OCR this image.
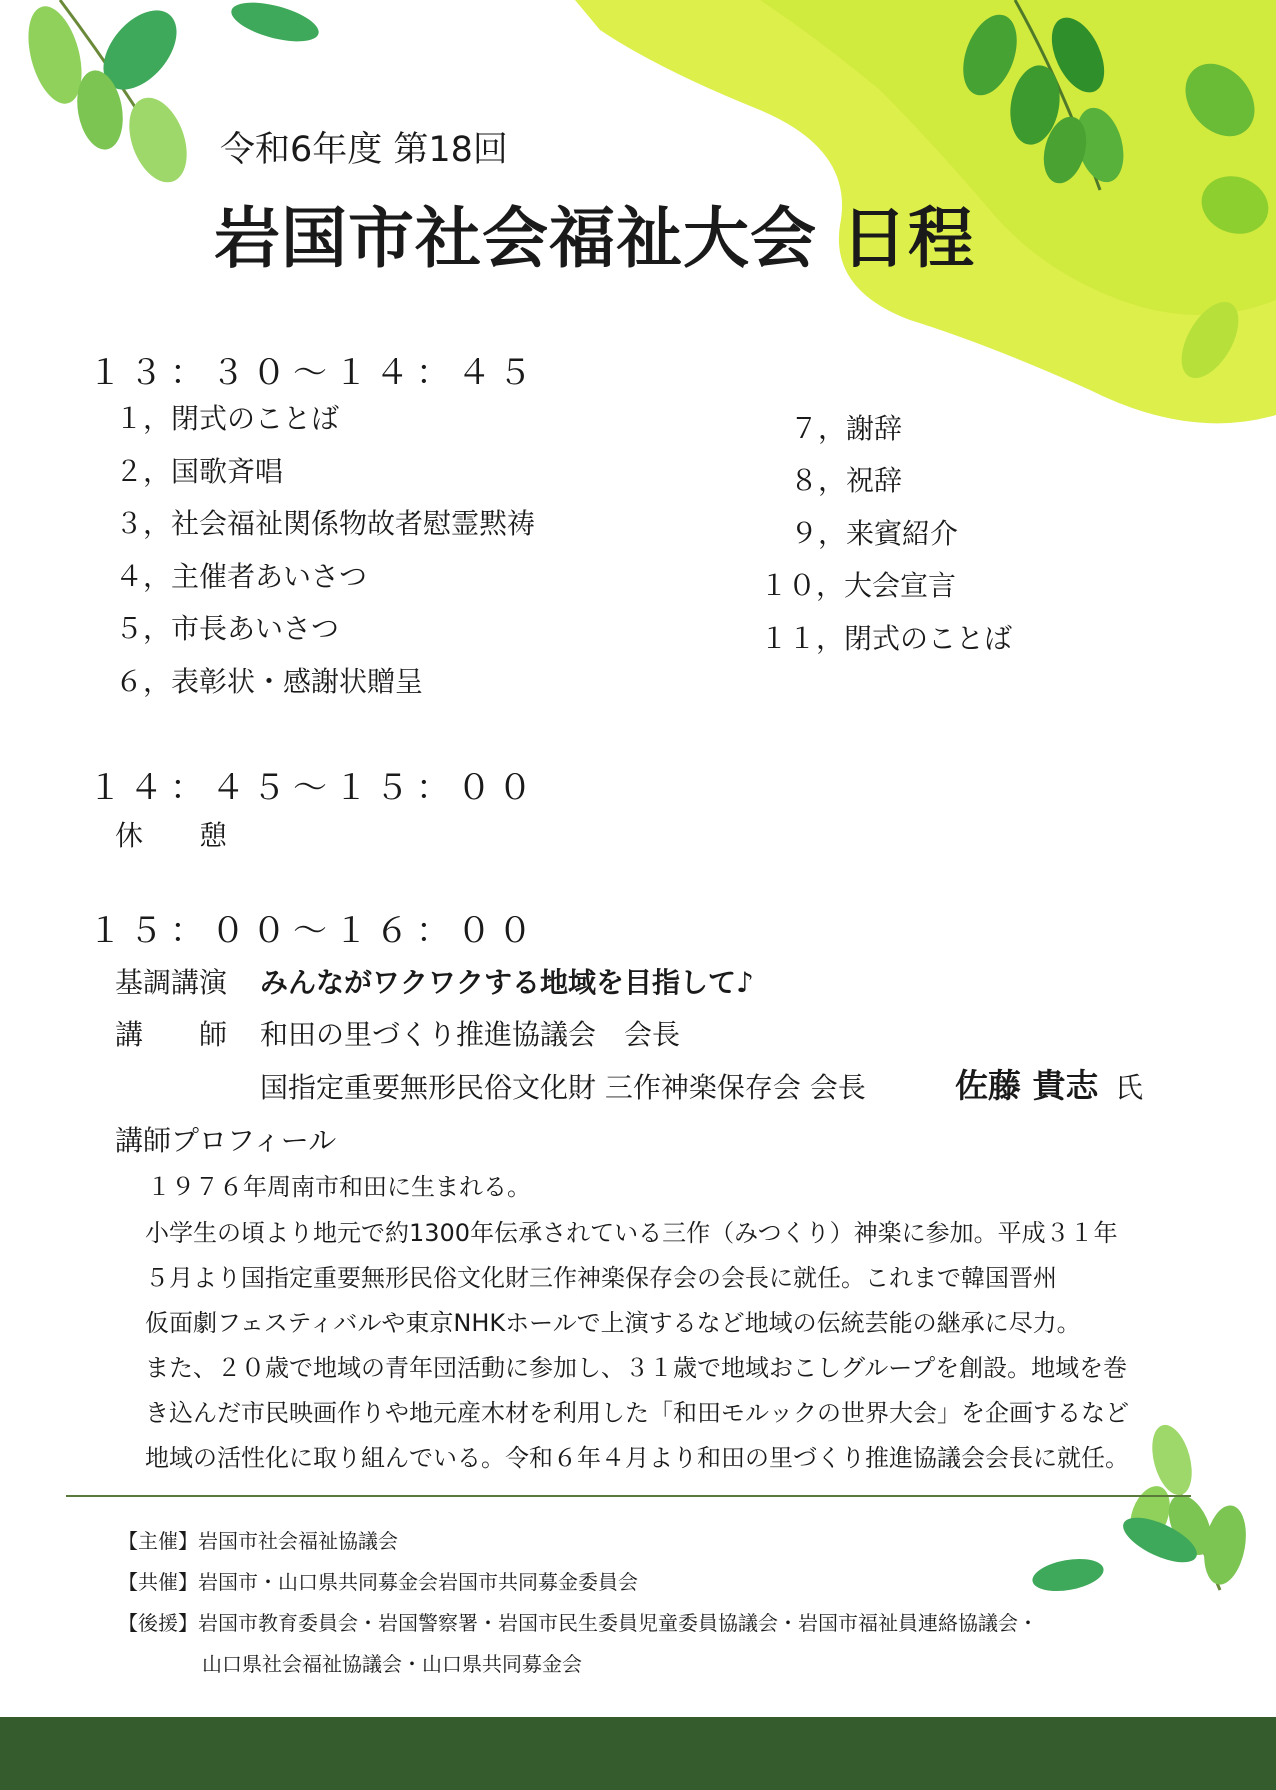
令和6年度 第18回
岩国市社会福祉大会 日程
１３：３０～１４：４５
１，閉式のことば
２，国歌斉唱
３，社会福祉関係物故者慰霊黙祷
４，主催者あいさつ
５，市長あいさつ
６，表彰状・感謝状贈呈
７，謝辞
８，祝辞
９，来賓紹介
１０，大会宣言
１１，閉式のことば
１４：４５～１５：００
休　　憩
１５：００～１６：００
基調講演 みんながワクワクする地域を目指して♪
講　　師 和田の里づくり推進協議会　会長
国指定重要無形民俗文化財 三作神楽保存会 会長	佐藤 貴志 氏
講師プロフィール
１９７６年周南市和田に生まれる。
小学生の頃より地元で約1300年伝承されている三作（みつくり）神楽に参加。平成３１年
５月より国指定重要無形民俗文化財三作神楽保存会の会長に就任。これまで韓国晋州
仮面劇フェスティバルや東京NHKホールで上演するなど地域の伝統芸能の継承に尽力。
また、２０歳で地域の青年団活動に参加し、３１歳で地域おこしグループを創設。地域を巻
き込んだ市民映画作りや地元産木材を利用した「和田モルックの世界大会」を企画するなど
地域の活性化に取り組んでいる。令和６年４月より和田の里づくり推進協議会会長に就任。
【主催】岩国市社会福祉協議会
【共催】岩国市・山口県共同募金会岩国市共同募金委員会
【後援】岩国市教育委員会・岩国警察署・岩国市民生委員児童委員協議会・岩国市福祉員連絡協議会・
山口県社会福祉協議会・山口県共同募金会
